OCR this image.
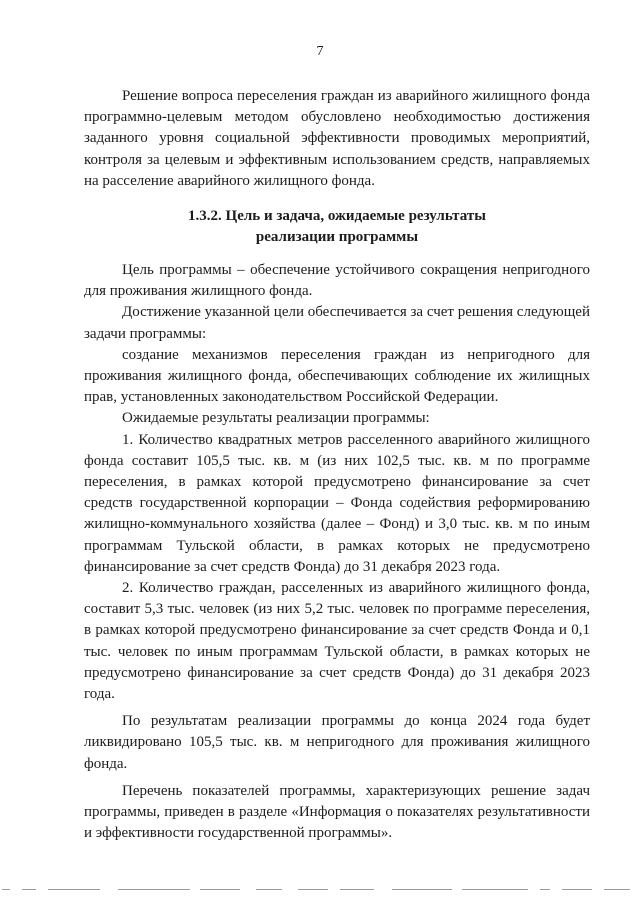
7

Решение вопроса переселения граждан из аварийного жилищного фонда программно-целевым методом обусловлено необходимостью достижения заданного уровня социальной эффективности проводимых мероприятий, контроля за целевым и эффективным использованием средств, направляемых на расселение аварийного жилищного фонда.

1.3.2. Цель и задача, ожидаемые результаты
реализации программы

Цель программы – обеспечение устойчивого сокращения непригодного для проживания жилищного фонда.

Достижение указанной цели обеспечивается за счет решения следующей задачи программы:

создание механизмов переселения граждан из непригодного для проживания жилищного фонда, обеспечивающих соблюдение их жилищных прав, установленных законодательством Российской Федерации.

Ожидаемые результаты реализации программы:

1. Количество квадратных метров расселенного аварийного жилищного фонда составит 105,5 тыс. кв. м (из них 102,5 тыс. кв. м по программе переселения, в рамках которой предусмотрено финансирование за счет средств государственной корпорации – Фонда содействия реформированию жилищно-коммунального хозяйства (далее – Фонд) и 3,0 тыс. кв. м по иным программам Тульской области, в рамках которых не предусмотрено финансирование за счет средств Фонда) до 31 декабря 2023 года.

2. Количество граждан, расселенных из аварийного жилищного фонда, составит 5,3 тыс. человек (из них 5,2 тыс. человек по программе переселения, в рамках которой предусмотрено финансирование за счет средств Фонда и 0,1 тыс. человек по иным программам Тульской области, в рамках которых не предусмотрено финансирование за счет средств Фонда) до 31 декабря 2023 года.

По результатам реализации программы до конца 2024 года будет ликвидировано 105,5 тыс. кв. м непригодного для проживания жилищного фонда.

Перечень показателей программы, характеризующих решение задач программы, приведен в разделе «Информация о показателях результативности и эффективности государственной программы».
